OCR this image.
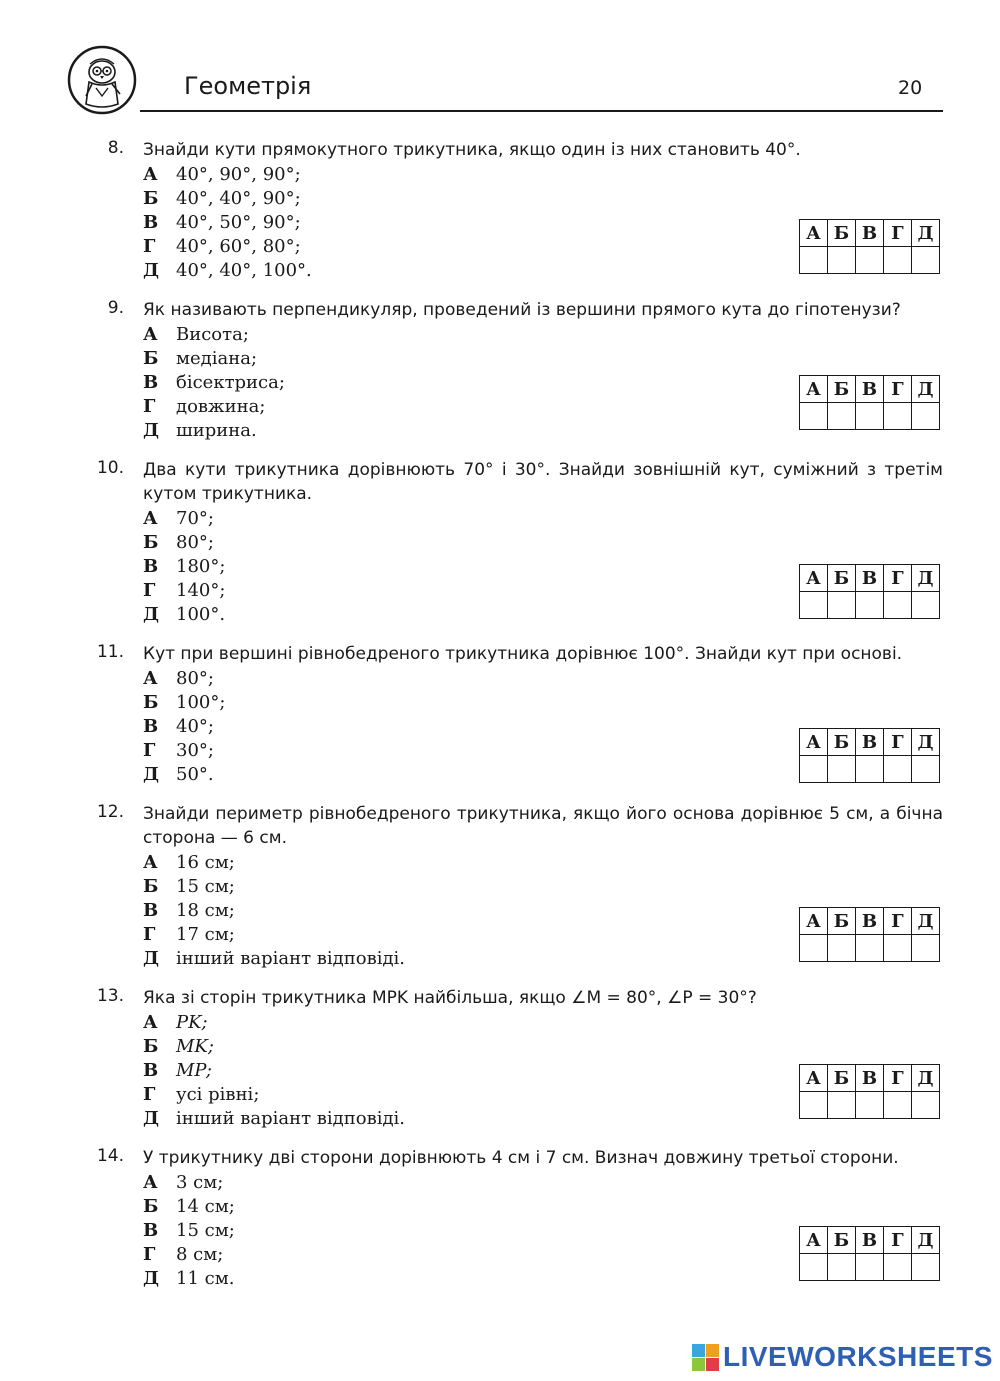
Геометрія	20
8. Знайди кути прямокутного трикутника, якщо один із них становить 40°.
А 40°, 90°, 90°;
Б 40°, 40°, 90°;
В 40°, 50°, 90°;
Г 40°, 60°, 80°;
Д 40°, 40°, 100°.
А	Б	В	Г	Д

9. Як називають перпендикуляр, проведений із вершини прямого кута до гіпотенузи?
А Висота;
Б медіана;
В бісектриса;
Г довжина;
Д ширина.
А	Б	В	Г	Д

10. Два кути трикутника дорівнюють 70° і 30°. Знайди зовнішній кут, суміжний з третім кутом трикутника.
А 70°;
Б 80°;
В 180°;
Г 140°;
Д 100°.
А	Б	В	Г	Д

11. Кут при вершині рівнобедреного трикутника дорівнює 100°. Знайди кут при основі.
А 80°;
Б 100°;
В 40°;
Г 30°;
Д 50°.
А	Б	В	Г	Д

12. Знайди периметр рівнобедреного трикутника, якщо його основа дорівнює 5 см, а бічна сторона — 6 см.
А 16 см;
Б 15 см;
В 18 см;
Г 17 см;
Д інший варіант відповіді.
А	Б	В	Г	Д

13. Яка зі сторін трикутника MPK найбільша, якщо ∠M = 80°, ∠P = 30°?
А PK;
Б MK;
В MP;
Г усі рівні;
Д інший варіант відповіді.
А	Б	В	Г	Д

14. У трикутнику дві сторони дорівнюють 4 см і 7 см. Визнач довжину третьої сторони.
А 3 см;
Б 14 см;
В 15 см;
Г 8 см;
Д 11 см.
А	Б	В	Г	Д

LIVEWORKSHEETS
